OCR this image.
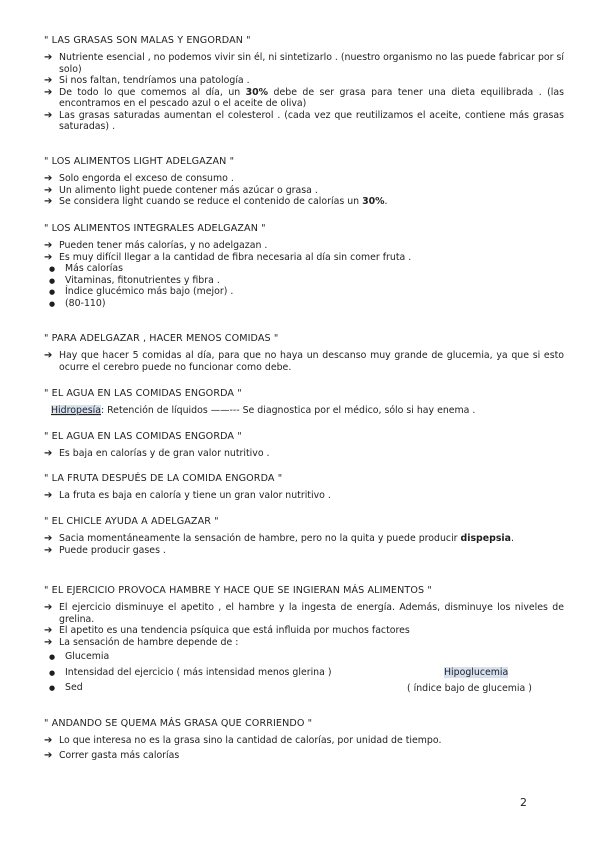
" LAS GRASAS SON MALAS Y ENGORDAN "
➔ Nutriente esencial , no podemos vivir sin él, ni sintetizarlo . (nuestro organismo no las puede fabricar por sí solo)
➔ Si nos faltan, tendríamos una patología .
➔ De todo lo que comemos al día, un 30% debe de ser grasa para tener una dieta equilibrada . (las encontramos en el pescado azul o el aceite de oliva)
➔ Las grasas saturadas aumentan el colesterol . (cada vez que reutilizamos el aceite, contiene más grasas saturadas) .
" LOS ALIMENTOS LIGHT ADELGAZAN "
➔ Solo engorda el exceso de consumo .
➔ Un alimento light puede contener más azúcar o grasa .
➔ Se considera light cuando se reduce el contenido de calorías un 30%.
" LOS ALIMENTOS INTEGRALES ADELGAZAN "
➔ Pueden tener más calorías, y no adelgazan .
➔ Es muy difícil llegar a la cantidad de fibra necesaria al día sin comer fruta .
●	Más calorías
●	Vitaminas, fitonutrientes y fibra .
●	Índice glucémico más bajo (mejor) .
●	(80-110)
" PARA ADELGAZAR , HACER MENOS COMIDAS "
➔ Hay que hacer 5 comidas al día, para que no haya un descanso muy grande de glucemia, ya que si esto ocurre el cerebro puede no funcionar como debe.
" EL AGUA EN LAS COMIDAS ENGORDA "
Hidropesía: Retención de líquidos ——--- Se diagnostica por el médico, sólo si hay enema .
" EL AGUA EN LAS COMIDAS ENGORDA "
➔ Es baja en calorías y de gran valor nutritivo .
" LA FRUTA DESPUÉS DE LA COMIDA ENGORDA "
➔ La fruta es baja en caloría y tiene un gran valor nutritivo .
" EL CHICLE AYUDA A ADELGAZAR "
➔ Sacia momentáneamente la sensación de hambre, pero no la quita y puede producir dispepsia.
➔ Puede producir gases .
" EL EJERCICIO PROVOCA HAMBRE Y HACE QUE SE INGIERAN MÁS ALIMENTOS "
➔ El ejercicio disminuye el apetito , el hambre y la ingesta de energía. Además, disminuye los niveles de grelina.
➔ El apetito es una tendencia psíquica que está influida por muchos factores
➔ La sensación de hambre depende de :
●	Glucemia
●	Intensidad del ejercicio ( más intensidad menos glerina )	Hipoglucemia
●	Sed	( índice bajo de glucemia )
" ANDANDO SE QUEMA MÁS GRASA QUE CORRIENDO "
➔ Lo que interesa no es la grasa sino la cantidad de calorías, por unidad de tiempo.
➔ Correr gasta más calorías
2
